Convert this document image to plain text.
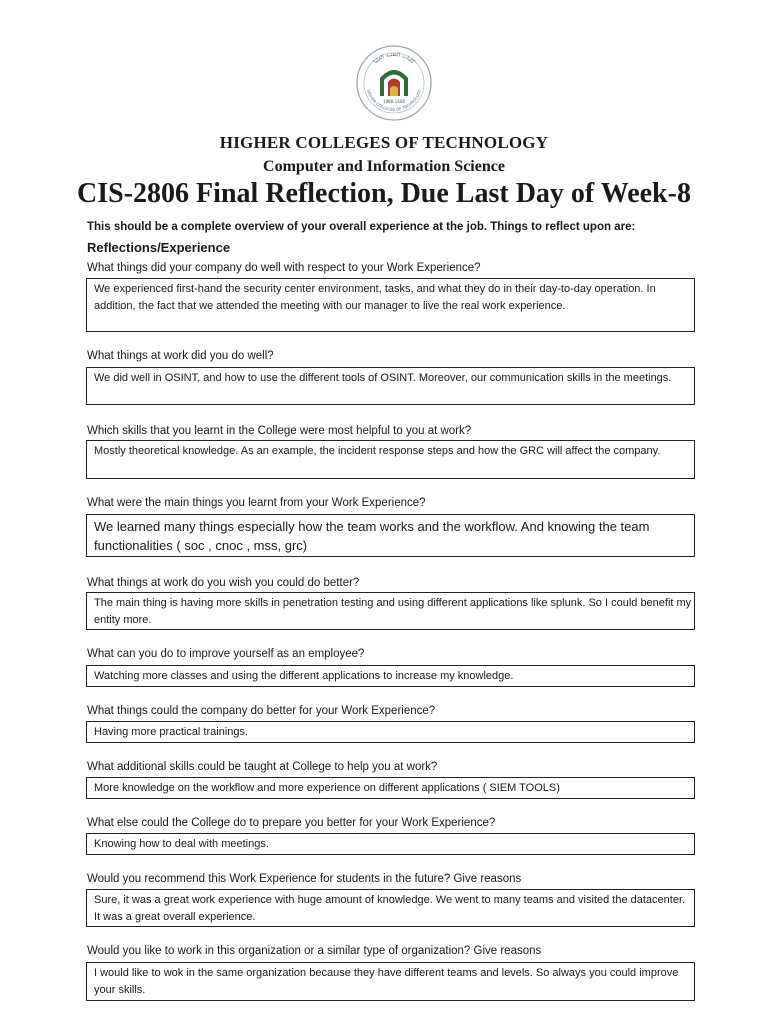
كليات التقنية العليا
HIGHER COLLEGES OF TECHNOLOGY
1988-1408
HIGHER COLLEGES OF TECHNOLOGY
Computer and Information Science
CIS-2806 Final Reflection, Due Last Day of Week-8
This should be a complete overview of your overall experience at the job. Things to reflect upon are:
Reflections/Experience
What things did your company do well with respect to your Work Experience?
We experienced first-hand the security center environment, tasks, and what they do in their day-to-day operation. In addition, the fact that we attended the meeting with our manager to live the real work experience.
What things at work did you do well?
We did well in OSINT, and how to use the different tools of OSINT. Moreover, our communication skills in the meetings.
Which skills that you learnt in the College were most helpful to you at work?
Mostly theoretical knowledge. As an example, the incident response steps and how the GRC will affect the company.
What were the main things you learnt from your Work Experience?
We learned many things especially how the team works and the workflow. And knowing the team functionalities ( soc , cnoc , mss, grc)
What things at work do you wish you could do better?
The main thing is having more skills in penetration testing and using different applications like splunk. So I could benefit my entity more.
What can you do to improve yourself as an employee?
Watching more classes and using the different applications to increase my knowledge.
What things could the company do better for your Work Experience?
Having more practical trainings.
What additional skills could be taught at College to help you at work?
More knowledge on the workflow and more experience on different applications ( SIEM TOOLS)
What else could the College do to prepare you better for your Work Experience?
Knowing how to deal with meetings.
Would you recommend this Work Experience for students in the future? Give reasons
Sure, it was a great work experience with huge amount of knowledge. We went to many teams and visited the datacenter. It was a great overall experience.
Would you like to work in this organization or a similar type of organization? Give reasons
I would like to wok in the same organization because they have different teams and levels. So always you could improve your skills.
